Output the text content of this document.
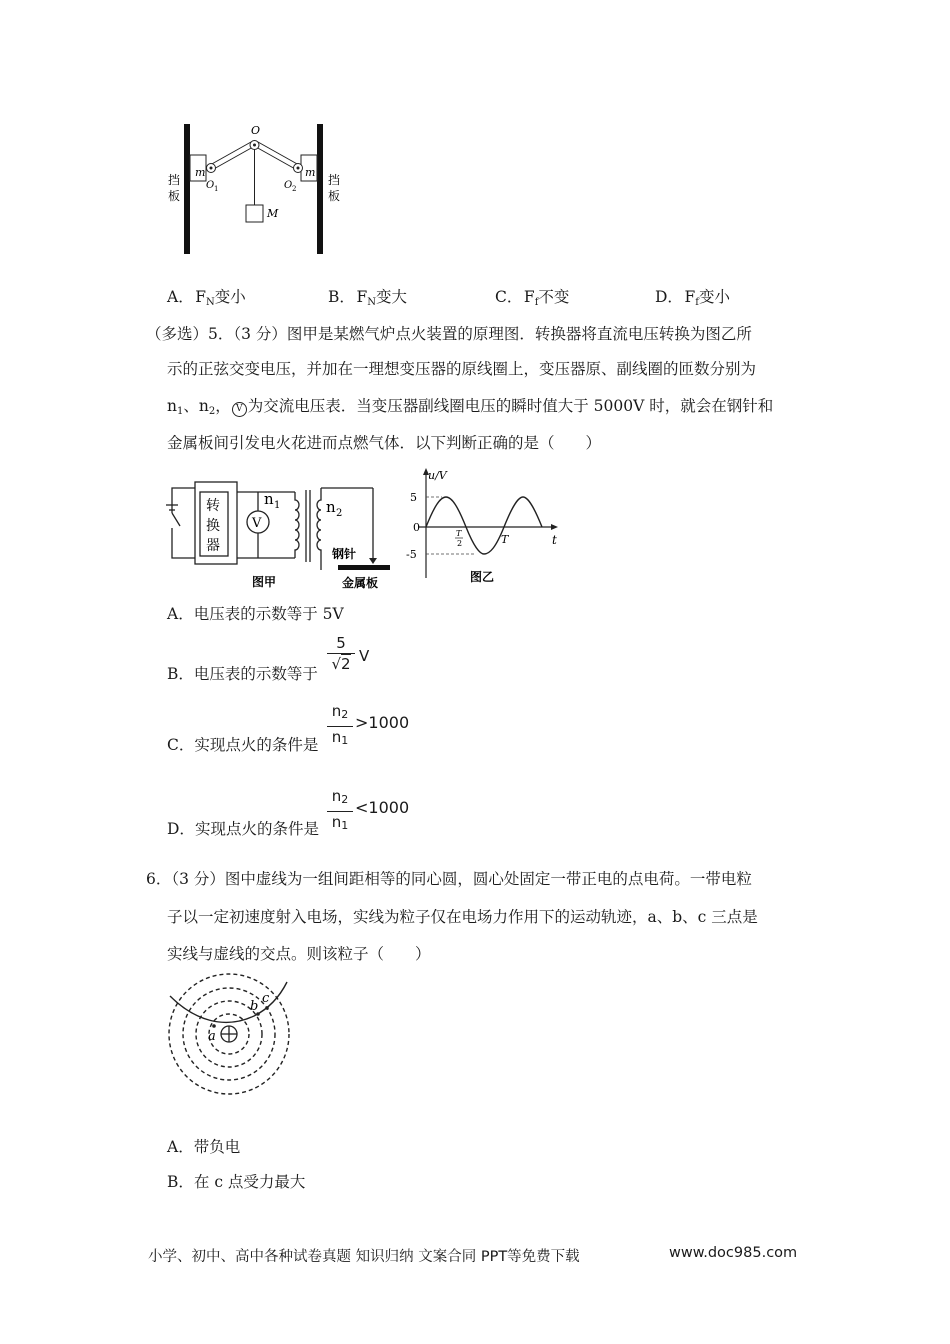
O
m	m
O 1	O 2
M
挡
板
挡
板
A． $F_N$变小	B． $F_N$变大	C． $F_f$不变	D． $F_f$变小
（多选）5．（3 分）图甲是某燃气炉点火装置的原理图．转换器将直流电压转换为图乙所
示的正弦交变电压，并加在一理想变压器的原线圈上，变压器原、副线圈的匝数分别为
$n_1$、$n_2$， V 为交流电压表．当变压器副线圈电压的瞬时值大于 5000V 时，就会在钢针和
金属板间引发电火花进而点燃气体．以下判断正确的是（　　）
转
换
器
V
n 1	n 2
钢针
图甲	金属板
u/V
5
0
-5
T
2	T	t
图乙
A．电压表的示数等于 5V
B．电压表的示数等于
$\frac{5}{√2}$ V
C．实现点火的条件是 $\frac{n2}{n1} >1000$
D．实现点火的条件是 $\frac{n2}{n1} <1000$
6．（3 分）图中虚线为一组间距相等的同心圆，圆心处固定一带正电的点电荷。一带电粒
子以一定初速度射入电场，实线为粒子仅在电场力作用下的运动轨迹，a、b、c 三点是
实线与虚线的交点。则该粒子（　　）
a
b
c
A．带负电
B．在 c 点受力最大
小学、初中、高中各种试卷真题 知识归纳 文案合同 PPT等免费下载	www.doc985.com
